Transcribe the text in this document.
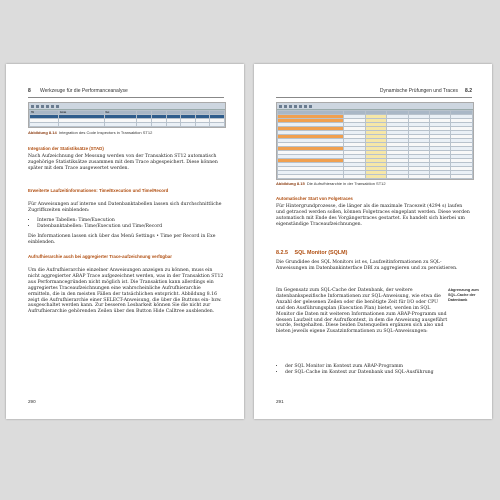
8 Werkzeuge für die Performanceanalyse
Hit	Gross	Net						

Abbildung 8.14 Integration des Code Inspectors in Transaktion ST12
Integration der Statistiksätze (STAD)
Nach Aufzeichnung der Messung werden von der Transaktion ST12 automatisch zugehörige Statistiksätze zusammen mit dem Trace abgespeichert. Diese können später mit dem Trace ausgewertet werden.
Erweiterte Laufzeitinformationen: Time/Execution und Time/Record
Für Anweisungen auf interne und Datenbanktabellen lassen sich durchschnittliche Zugriffszeiten einblenden:
• Interne Tabellen: Time/Execution
• Datenbanktabellen: Time/Execution und Time/Record
Die Informationen lassen sich über das Menü Settings • Time per Record in Exe einblenden.
Aufrufhierarchie auch bei aggregierter Trace-aufzeichnung verfügbar
Um die Aufrufhierarchie einzelner Anweisungen anzeigen zu können, muss ein nicht aggregierter ABAP Trace aufgezeichnet werden, was in der Transaktion ST12 aus Performancegründen nicht möglich ist. Die Transaktion kann allerdings ein aggregiertes Traceaufzeichnungen eine wahrscheinliche Aufrufhierarchie ermitteln, die in den meisten Fällen der tatsächlichen entspricht. Abbildung 8.16 zeigt die Aufrufhierarchie einer SELECT-Anweisung, die über die Buttons ein- bzw. ausgeschaltet werden kann. Zur besseren Lesbarkeit können Sie die nicht zur Aufrufhierarchie gehörenden Zeilen über den Button Hide Calltree ausblenden.
290
Dynamische Prüfungen und Traces 8.2

Abbildung 8.15 Die Aufrufhierarchie in der Transaktion ST12
Automatischer Start von Folgetraces
Für Hintergrundprozesse, die länger als die maximale Tracezeit (4294 s) laufen und getraced werden sollen, können Folgetraces eingeplant werden. Diese werden automatisch mit Ende des Vorgängertraces gestartet. Es handelt sich hierbei um eigenständige Traceaufzeichnungen.
8.2.5 SQL Monitor (SQLM)
Die Grundidee des SQL Monitors ist es, Laufzeitinformationen zu SQL-Anweisungen im Datenbankinterface DBI zu aggregieren und zu persistieren.
Im Gegensatz zum SQL-Cache der Datenbank, der weitere datenbankspezifische Informationen zur SQL-Anweisung, wie etwa die Anzahl der gelesenen Zeilen oder die benötigte Zeit für I/O oder CPU und den Ausführungsplan (Execution Plan) bietet, werden im SQL Monitor die Daten mit weiteren Informationen zum ABAP-Programm und dessen Laufzeit und der Aufrufkontext, in dem die Anweisung ausgeführt wurde, festgehalten. Diese beiden Datenquellen ergänzen sich also und bieten jeweils eigene Zusatzinformationen zu SQL-Anweisungen:
Abgrenzung zum SQL-Cache der Datenbank
• der SQL Monitor im Kontext zum ABAP-Programm
• der SQL-Cache im Kontext zur Datenbank und SQL-Ausführung
291
